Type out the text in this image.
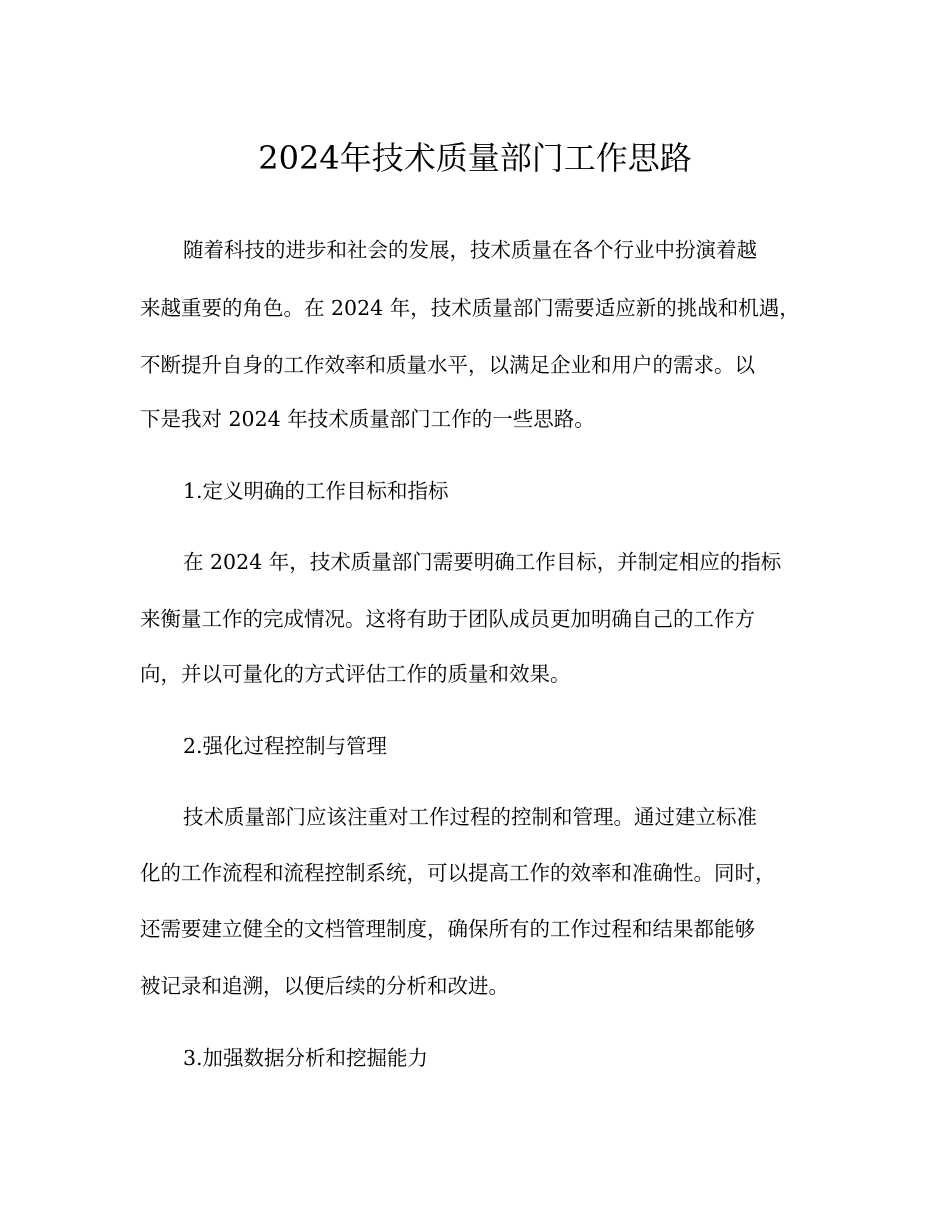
2024年技术质量部门工作思路
随着科技的进步和社会的发展，技术质量在各个行业中扮演着越
来越重要的角色。在 2024 年，技术质量部门需要适应新的挑战和机遇，
不断提升自身的工作效率和质量水平，以满足企业和用户的需求。以
下是我对 2024 年技术质量部门工作的一些思路。
1.定义明确的工作目标和指标
在 2024 年，技术质量部门需要明确工作目标，并制定相应的指标
来衡量工作的完成情况。这将有助于团队成员更加明确自己的工作方
向，并以可量化的方式评估工作的质量和效果。
2.强化过程控制与管理
技术质量部门应该注重对工作过程的控制和管理。通过建立标准
化的工作流程和流程控制系统，可以提高工作的效率和准确性。同时，
还需要建立健全的文档管理制度，确保所有的工作过程和结果都能够
被记录和追溯，以便后续的分析和改进。
3.加强数据分析和挖掘能力
